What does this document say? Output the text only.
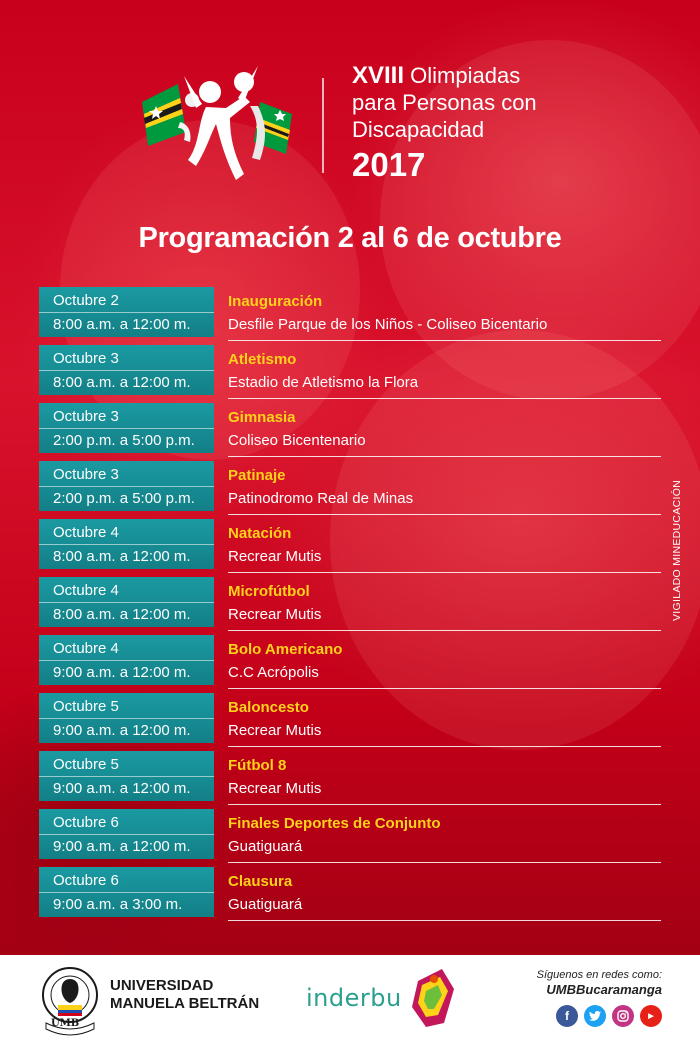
XVIII Olimpiadas
para Personas con
Discapacidad
2017
Programación 2 al 6 de octubre
Octubre 2
8:00 a.m. a 12:00 m.
Inauguración
Desfile Parque de los Niños - Coliseo Bicentario
Octubre 3
8:00 a.m. a 12:00 m.
Atletismo
Estadio de Atletismo la Flora
Octubre 3
2:00 p.m. a 5:00 p.m.
Gimnasia
Coliseo Bicentenario
Octubre 3
2:00 p.m. a 5:00 p.m.
Patinaje
Patinodromo Real de Minas
Octubre 4
8:00 a.m. a 12:00 m.
Natación
Recrear Mutis
Octubre 4
8:00 a.m. a 12:00 m.
Microfútbol
Recrear Mutis
Octubre 4
9:00 a.m. a 12:00 m.
Bolo Americano
C.C Acrópolis
Octubre 5
9:00 a.m. a 12:00 m.
Baloncesto
Recrear Mutis
Octubre 5
9:00 a.m. a 12:00 m.
Fútbol 8
Recrear Mutis
Octubre 6
9:00 a.m. a 12:00 m.
Finales Deportes de Conjunto
Guatiguará
Octubre 6
9:00 a.m. a 3:00 m.
Clausura
Guatiguará
VIGILADO MINEDUCACIÓN
UMB
UNIVERSIDAD
MANUELA BELTRÁN inderbu
Síguenos en redes como:
UMBBucaramanga
f	▶
